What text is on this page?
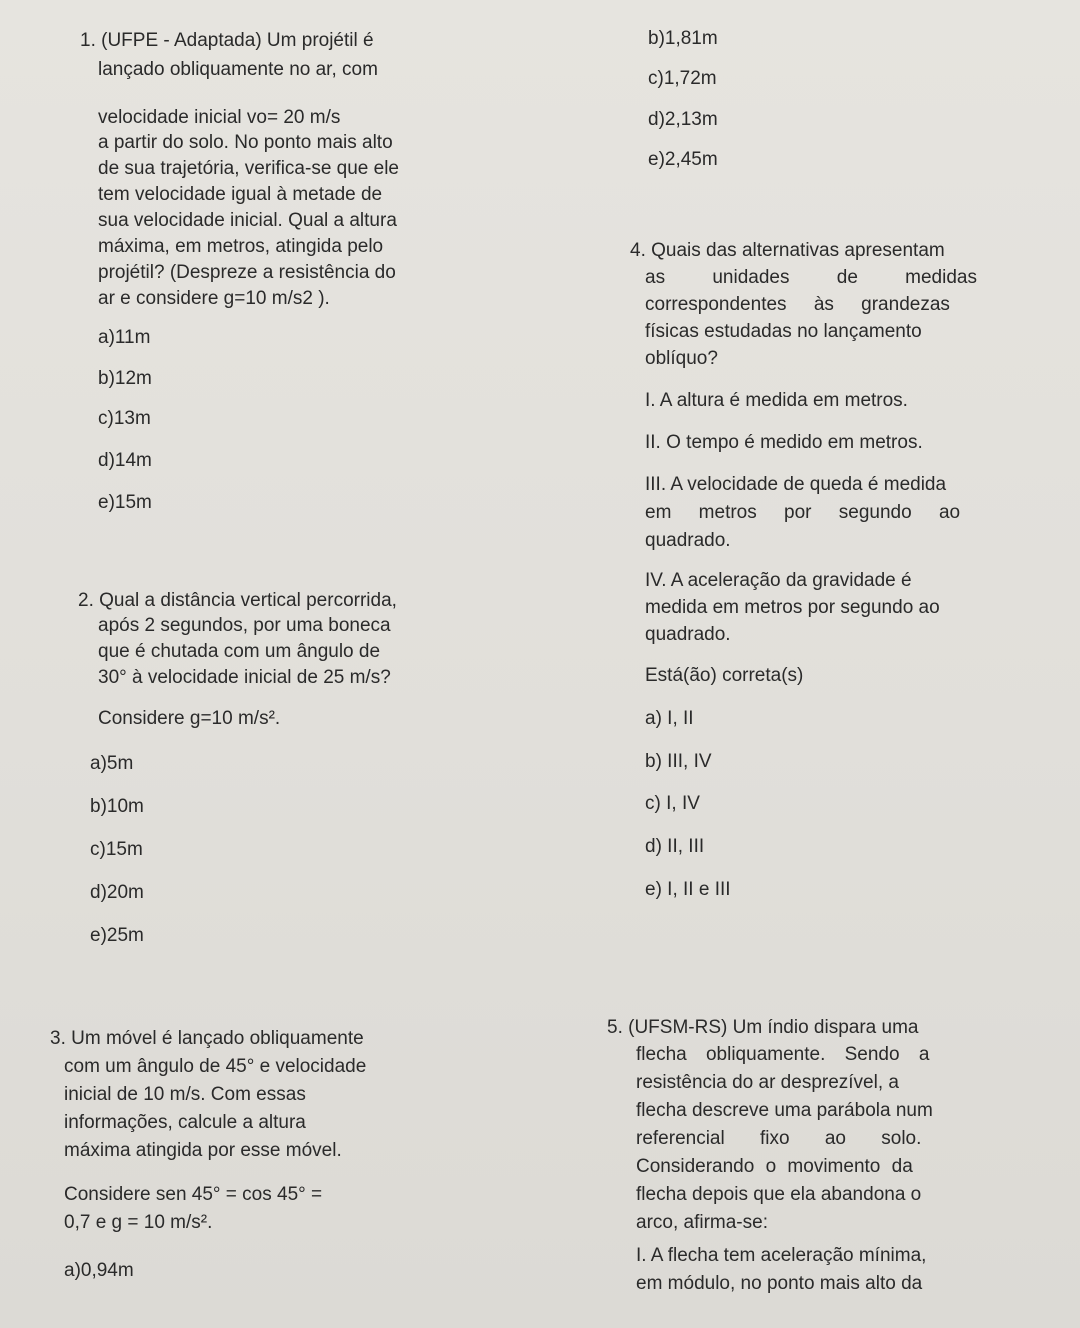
1. (UFPE - Adaptada) Um projétil é
lançado obliquamente no ar, com
velocidade inicial vo= 20 m/s
a partir do solo. No ponto mais alto
de sua trajetória, verifica-se que ele
tem velocidade igual à metade de
sua velocidade inicial. Qual a altura
máxima, em metros, atingida pelo
projétil? (Despreze a resistência do
ar e considere g=10 m/s2 ).
a)11m
b)12m
c)13m
d)14m
e)15m
2. Qual a distância vertical percorrida,
após 2 segundos, por uma boneca
que é chutada com um ângulo de
30° à velocidade inicial de 25 m/s?
Considere g=10 m/s².
a)5m
b)10m
c)15m
d)20m
e)25m
3. Um móvel é lançado obliquamente
com um ângulo de 45° e velocidade
inicial de 10 m/s. Com essas
informações, calcule a altura
máxima atingida por esse móvel.
Considere sen 45° = cos 45° =
0,7 e g = 10 m/s².
a)0,94m
b)1,81m
c)1,72m
d)2,13m
e)2,45m
4. Quais das alternativas apresentam
as unidades de medidas
correspondentes às grandezas
físicas estudadas no lançamento
oblíquo?
I. A altura é medida em metros.
II. O tempo é medido em metros.
III. A velocidade de queda é medida
em metros por segundo ao
quadrado.
IV. A aceleração da gravidade é
medida em metros por segundo ao
quadrado.
Está(ão) correta(s)
a) I, II
b) III, IV
c) I, IV
d) II, III
e) I, II e III
5. (UFSM-RS) Um índio dispara uma
flecha obliquamente. Sendo a
resistência do ar desprezível, a
flecha descreve uma parábola num
referencial fixo ao solo.
Considerando o movimento da
flecha depois que ela abandona o
arco, afirma-se:
I. A flecha tem aceleração mínima,
em módulo, no ponto mais alto da
